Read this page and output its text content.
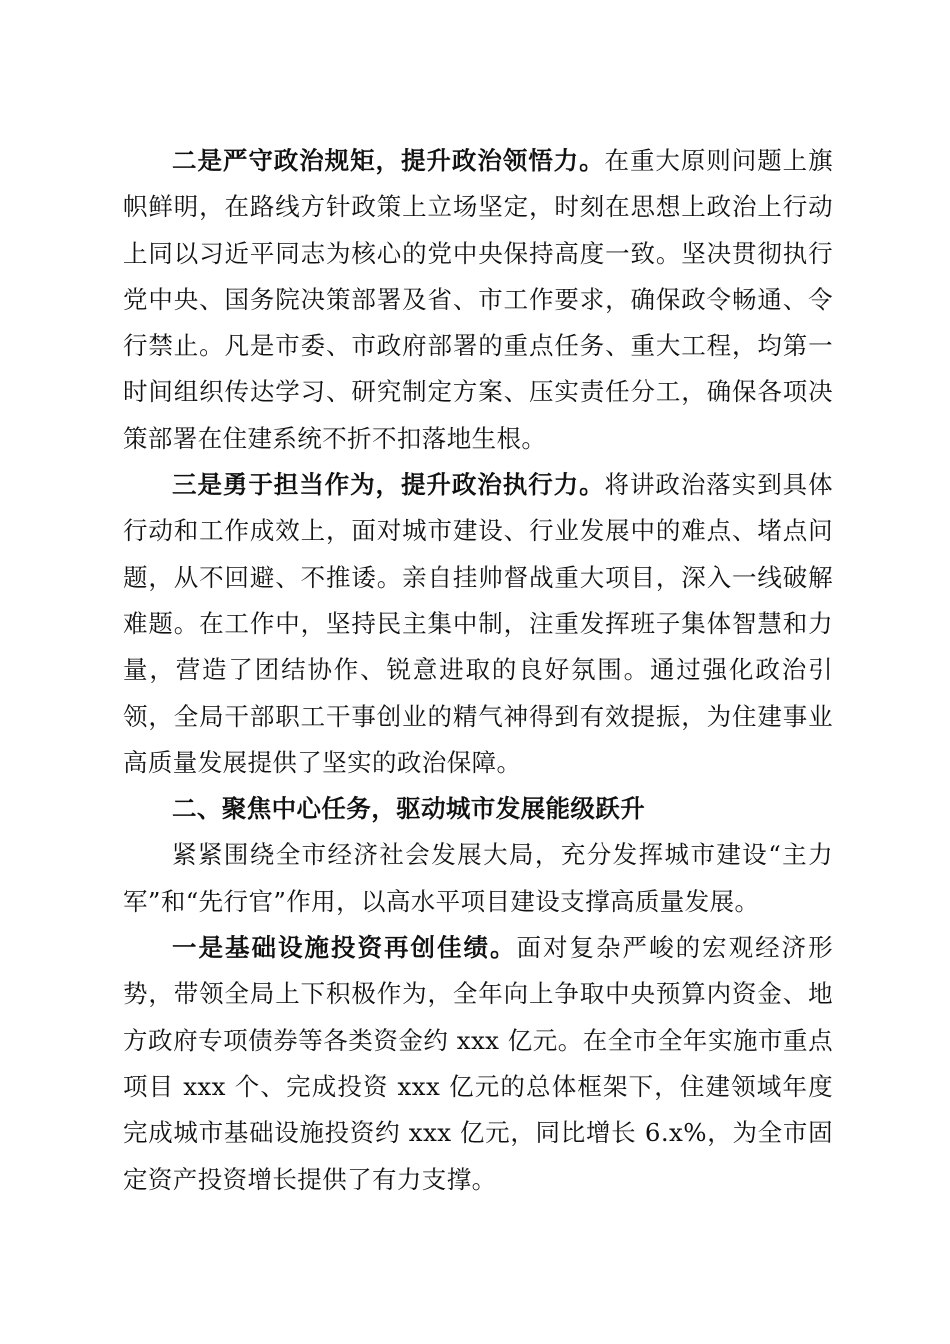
二是严守政治规矩，提升政治领悟力。在重大原则问题上旗帜鲜明，在路线方针政策上立场坚定，时刻在思想上政治上行动上同以习近平同志为核心的党中央保持高度一致。坚决贯彻执行党中央、国务院决策部署及省、市工作要求，确保政令畅通、令行禁止。凡是市委、市政府部署的重点任务、重大工程，均第一时间组织传达学习、研究制定方案、压实责任分工，确保各项决策部署在住建系统不折不扣落地生根。

三是勇于担当作为，提升政治执行力。将讲政治落实到具体行动和工作成效上，面对城市建设、行业发展中的难点、堵点问题，从不回避、不推诿。亲自挂帅督战重大项目，深入一线破解难题。在工作中，坚持民主集中制，注重发挥班子集体智慧和力量，营造了团结协作、锐意进取的良好氛围。通过强化政治引领，全局干部职工干事创业的精气神得到有效提振，为住建事业高质量发展提供了坚实的政治保障。

二、聚焦中心任务，驱动城市发展能级跃升

紧紧围绕全市经济社会发展大局，充分发挥城市建设“主力军”和“先行官”作用，以高水平项目建设支撑高质量发展。

一是基础设施投资再创佳绩。面对复杂严峻的宏观经济形势，带领全局上下积极作为，全年向上争取中央预算内资金、地方政府专项债券等各类资金约 xxx 亿元。在全市全年实施市重点项目 xxx 个、完成投资 xxx 亿元的总体框架下，住建领域年度完成城市基础设施投资约 xxx 亿元，同比增长 6.x%，为全市固定资产投资增长提供了有力支撑。
